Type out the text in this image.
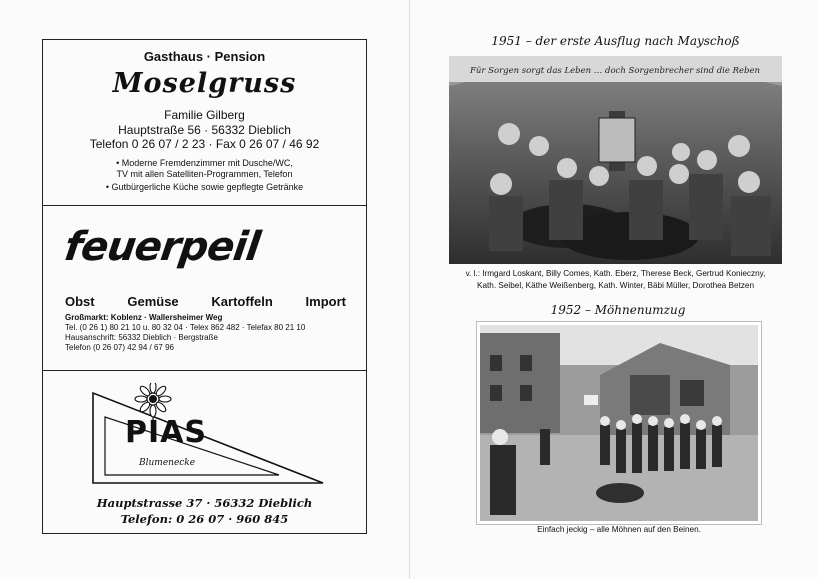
Gasthaus · Pension
Moselgruss
Familie Gilberg
Hauptstraße 56 · 56332 Dieblich
Telefon 0 26 07 / 2 23 · Fax 0 26 07 / 46 92
• Moderne Fremdenzimmer mit Dusche/WC,
TV mit allen Satelliten-Programmen, Telefon
• Gutbürgerliche Küche sowie gepflegte Getränke
feuerpeil
Obst	Gemüse	Kartoffeln	Import
Großmarkt: Koblenz · Wallersheimer Weg
Tel. (0 26 1) 80 21 10 u. 80 32 04 · Telex 862 482 · Telefax 80 21 10
Hausanschrift: 56332 Dieblich · Bergstraße
Telefon (0 26 07) 42 94 / 67 96
PIAS
Blumenecke
Hauptstrasse 37 · 56332 Dieblich
Telefon: 0 26 07 · 960 845
1951 – der erste Ausflug nach Mayschoß
Für Sorgen sorgt das Leben … doch Sorgenbrecher sind die Reben
v. l.: Irmgard Loskant, Billy Comes, Kath. Eberz, Therese Beck, Gertrud Konieczny,
Kath. Seibel, Käthe Weißenberg, Kath. Winter, Bäbi Müller, Dorothea Betzen
1952 – Möhnenumzug
Einfach jeckig – alle Möhnen auf den Beinen.
